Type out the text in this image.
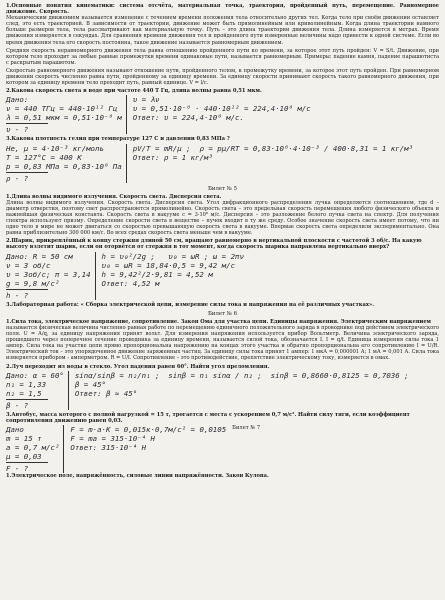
1.Основные понятия кинематики: система отсчёта, материальная точка, траектория, пройденный путь, перемещение. Равномерное движение. Скорость.

Механическим движением называется изменение с течением времени положения тела относительно других тел. Когда тело при своём движении оставляет след, это есть траекторией. В зависимости от траектории, движение может быть прямолинейным или криволинейным. Когда длина траектории намного больше размеров тела, тела рассматривают как материальную точку. Путь – это длина траектории движения тела. Длина измеряется в метрах. Время движения измеряется в секундах. Для сравнения времени движения тел и пройденного пути измеренные величины надо привести к одной системе. Если во время движения тела его скорость постоянна, такое движение называется равномерным движением.

Средняя скорость неравномерного движения тела равна отношению пройденного пути ко времени, за которое этот путь пройден: V = S/t. Движение, при котором тело проходит за любые равные промежутки времени одинаковые пути, называется равномерным. Примеры: падение камня, падение парашютиста с раскрытым парашютом.

Скоростью равномерного движения называют отношение пути, пройденного телом, к промежутку времени, за которое этот путь пройден. При равномерном движении скорость численно равна пути, пройденному за единицу времени. За единицу скорости принимают скорость такого равномерного движения, при котором за единицу времени тело проходит путь, равный единице. V = l/c.

2.Какова скорость света в воде при частоте 440 Т Гц, длина волны равна 0,51 мкм.

Дано:

ν = 440 ТГц = 440·10¹² Гц

λ = 0,51 мкм = 0,51·10⁻⁶ м

υ - ?

υ = λν

υ = 0,51·10⁻⁶ · 440·10¹² = 224,4·10⁶ м/с

Ответ: υ = 224,4·10⁶ м/с.

3.Какова плотность гелия при температуре 127 С и давлении 0,83 МПа ?

Не, μ = 4·10⁻³ кг/моль

T = 127°C = 400 K

p = 0,83 МПа = 0,83·10⁶ Па

ρ - ?

pV/T = mR/μ ;  ρ = pμ/RT = 0,83·10⁶·4·10⁻³ / 400·8,31 = 1 кг/м³

Ответ: ρ = 1 кг/м³

Билет № 5

1.Длина волны видимого излучения. Скорость света. Дисперсия света.

Длина волны видимого излучения. Скорость света. Дисперсия света. Угол дифракционного распределения лучка определяется соотношением, где d – диаметр отверстия, поэтому свет распространяется прямолинейно. Скорость света – это предельная скорость перемещения любого физического объекта и важнейшая физическая константа. Скорость света в вакууме c = 3·10⁸ м/с. Дисперсия – это разложение белого пучка света на спектр. Для получения спектра используют призму. Определение скорости света в веществе – пучок входит в ту же среду. Особое значение скорость света имеет потому, что ни одно тело в мире не может двигаться со скоростью превышающую скорость света в вакууме. Впервые скорость света определили экспериментально. Она равна приблизительно 300 000 км/с. Во всех средах скорость света меньше чем в вакууме.

2.Шарик, прикреплённый к концу стержня длиной 50 см, вращают равномерно в вертикальной плоскости с частотой 3 об/с. На какую высоту взлетит шарик, если он оторвётся от стержня в тот момент, когда скорость шарика направлена вертикально вверх?

Дано: R = 50 см

ν = 3 об/с

υ = 3об/с; π = 3,14

g = 9,8 м/с²

h - ?

h = υ₀²/2g ;   υ₀ = ωR ; ω = 2πν

υ₀ = ωR = 18,84·0,5 = 9,42 м/с

h = 9,42²/2·9,81 = 4,52 м

Ответ: 4,52 м

3.Лабораторная работа: « Сборка электрической цепи, измерение силы тока и напряжения на её различных участках».

Билет № 6

1.Сила тока, электрическое напряжение, сопротивление. Закон Ома для участка цепи. Единицы напряжения. Электрическим напряжением

называется физическая величина численно равная работе по перемещению единичного положительного заряда в проводнике под действием электрического поля. U = A/q, за единицу напряжения принят вольт. Для измерения напряжения используется прибор Вольтметр. Величина электрического заряда, прошедшего через поперечное сечение проводника за единицу времени, называется силой тока, обозначается I. I = q/t. Единица измерения силы тока 1 ампер. Сила тока на участке цепи прямо пропорциональна напряжению на концах этого участка и обратно пропорциональна его сопротивлению I = U/R. Электрический ток – это упорядоченное движение заряженных частиц. За единицу силы тока принят 1 ампер: 1 мкА = 0,000001 А; 1 мА = 0,001 А. Сила тока измеряется прибором - амперметром. R = U/I. Сопротивление – это противодействие, препятствие электрическому току, измеряется в омах.

2.Луч переходит из воды в стекло. Угол падения равен 60°. Найти угол преломления.

Дано: α = 60°

n₁ = 1,33

n₂ = 1,5

β - ?

sinα/sinβ = n₂/n₁ ;  sinβ = n₁ sinα / n₂ ;  sinβ = 0,8660·0,8125 = 0,7036 ;

β = 45°

Ответ: β ≈ 45°

3.Автобус, масса которого с полной нагрузкой = 15 т, трогается с места с ускорением 0,7 м/с². Найти силу тяги, если коэффициент сопротивления движению равен 0,03.

Дано

m = 15 т

a = 0,7 м/с²

μ = 0,03

F - ?

F = m·a·K = 0,015к·0,7м/с² = 0,0105

F = ma = 315·10⁻⁴ H

Ответ: 315·10⁻⁴ H

Билет № 7

1.Электрическое поле, напряжённость, силовые линии напряжённости. Закон Кулона.
